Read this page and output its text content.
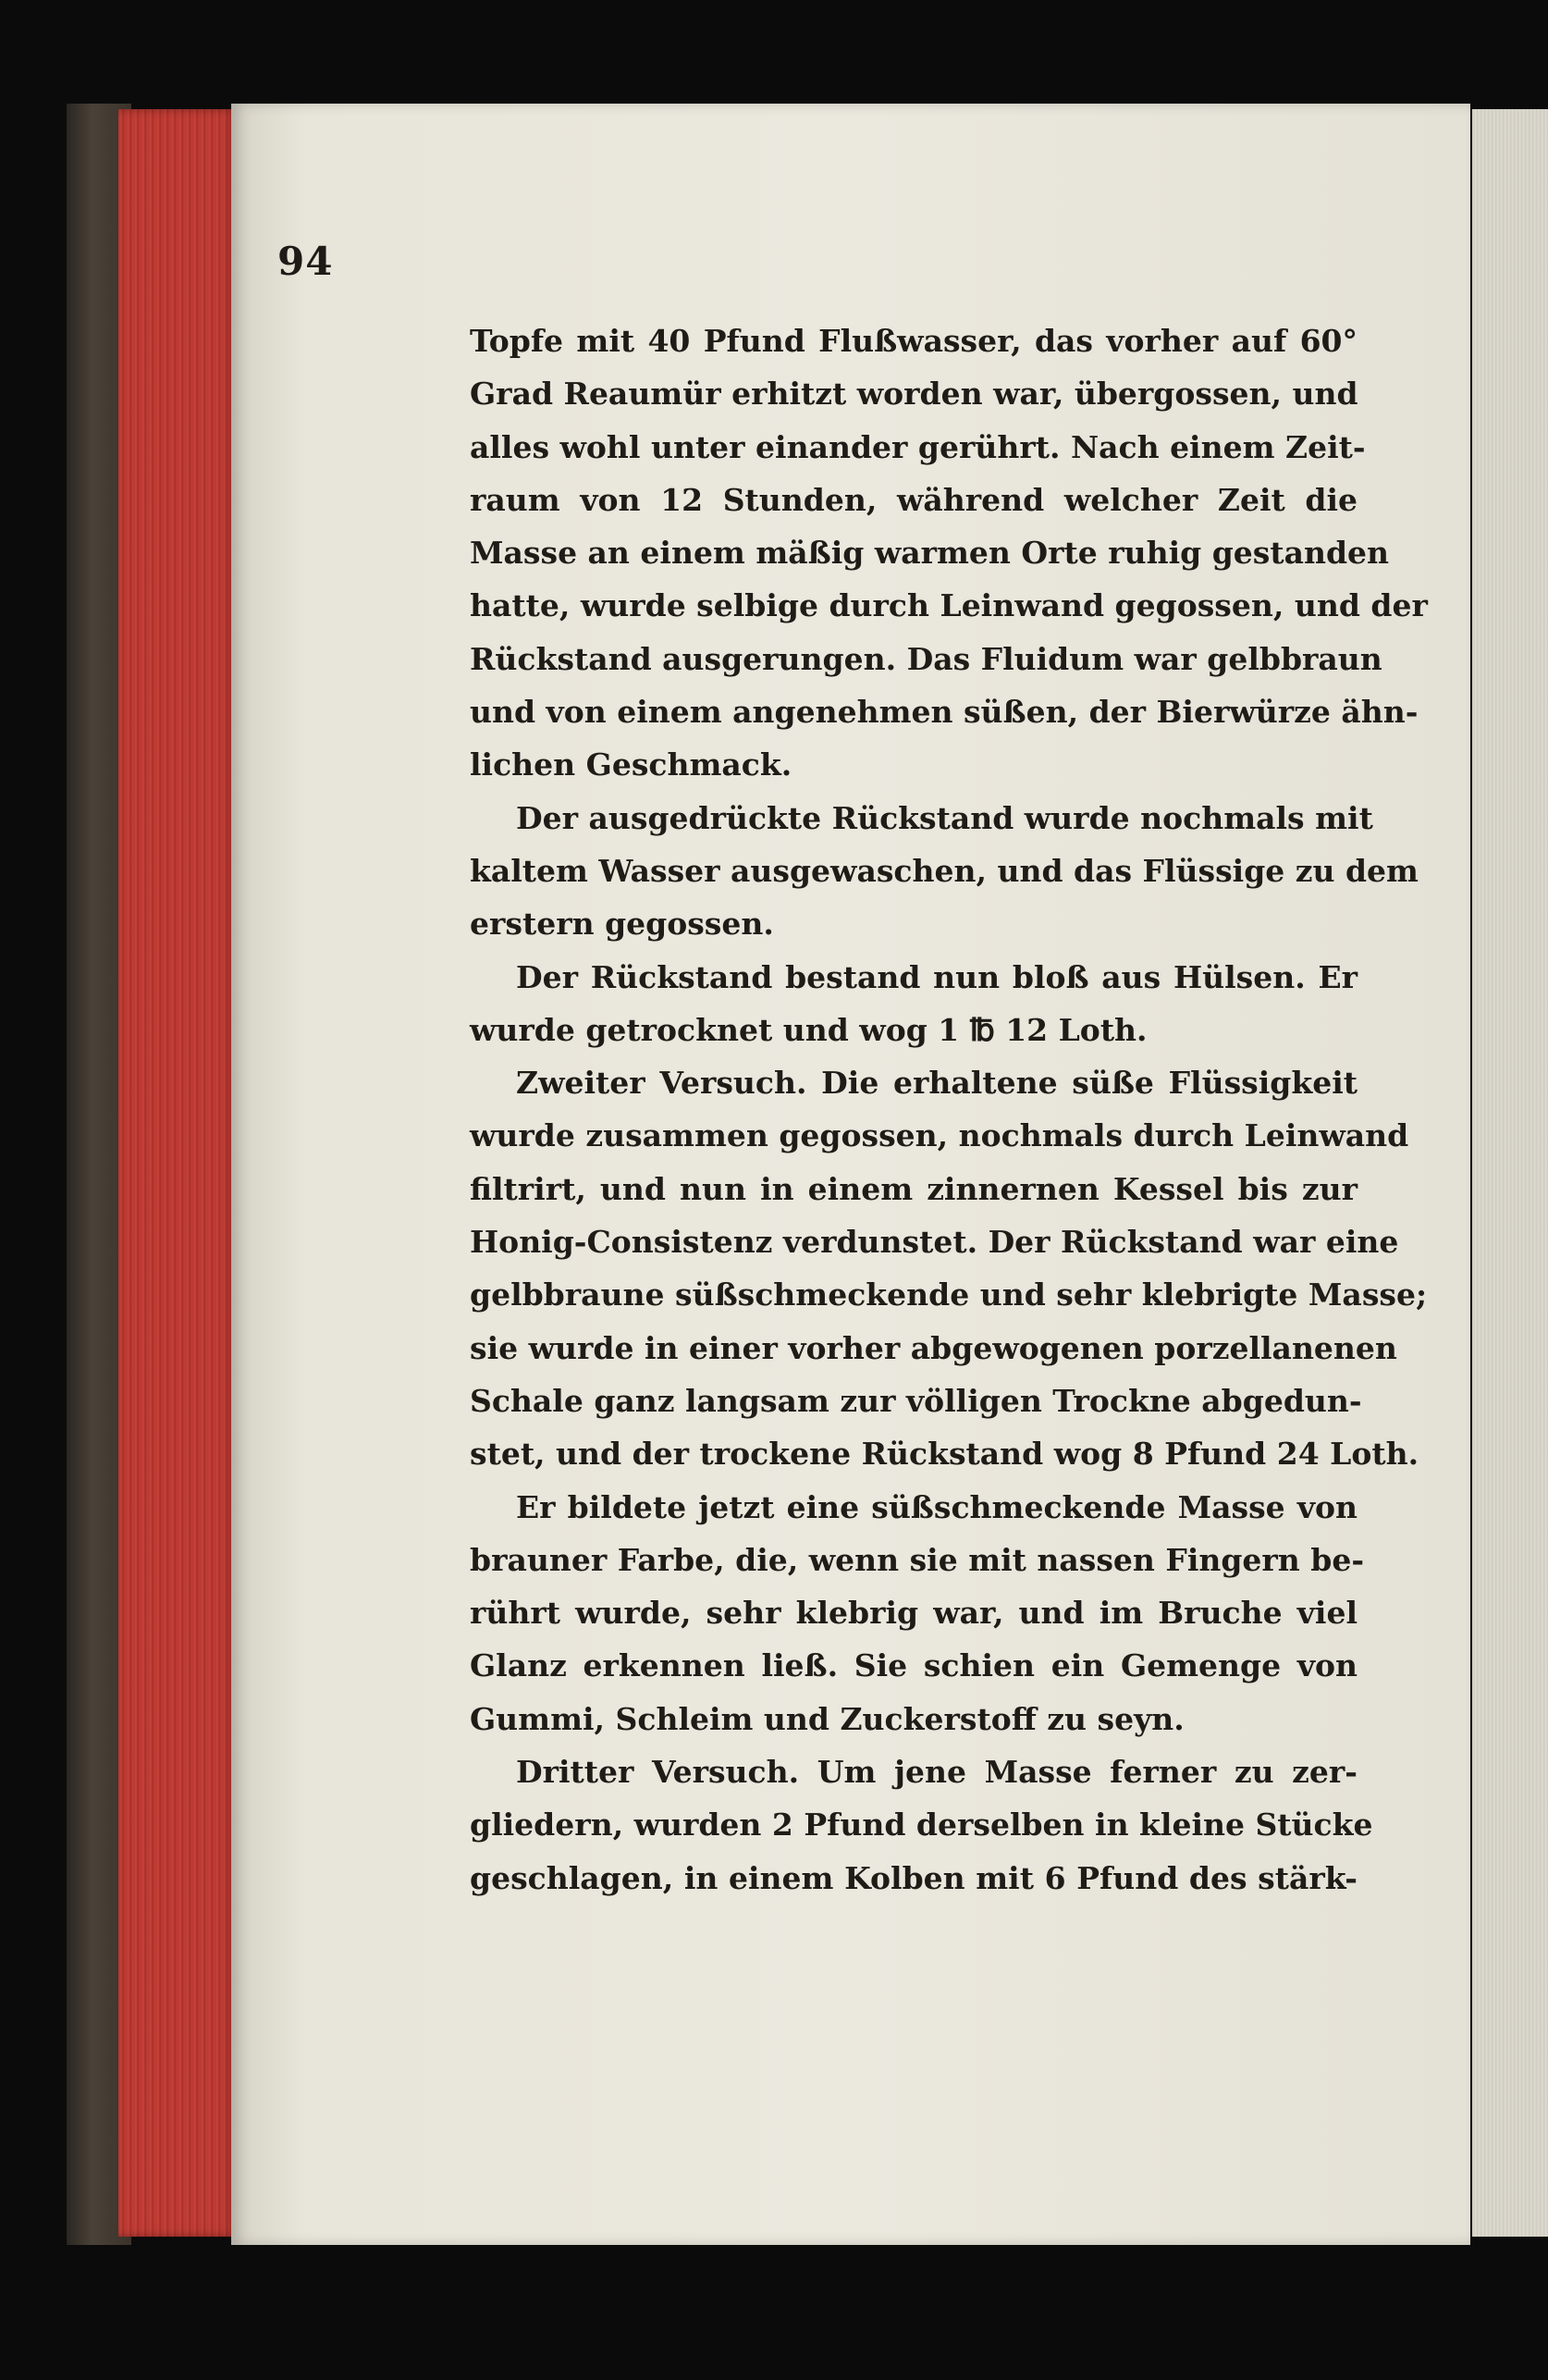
94
Topfe mit 40 Pfund Flußwasser, das vorher auf 60°
Grad Reaumür erhitzt worden war, übergossen, und
alles wohl unter einander gerührt. Nach einem Zeit-
raum von 12 Stunden, während welcher Zeit die
Masse an einem mäßig warmen Orte ruhig gestanden
hatte, wurde selbige durch Leinwand gegossen, und der
Rückstand ausgerungen. Das Fluidum war gelbbraun
und von einem angenehmen süßen, der Bierwürze ähn-
lichen Geschmack.
Der ausgedrückte Rückstand wurde nochmals mit
kaltem Wasser ausgewaschen, und das Flüssige zu dem
erstern gegossen.
Der Rückstand bestand nun bloß aus Hülsen. Er
wurde getrocknet und wog 1 ℔ 12 Loth.
Zweiter Versuch. Die erhaltene süße Flüssigkeit
wurde zusammen gegossen, nochmals durch Leinwand
filtrirt, und nun in einem zinnernen Kessel bis zur
Honig-Consistenz verdunstet. Der Rückstand war eine
gelbbraune süßschmeckende und sehr klebrigte Masse;
sie wurde in einer vorher abgewogenen porzellanenen
Schale ganz langsam zur völligen Trockne abgedun-
stet, und der trockene Rückstand wog 8 Pfund 24 Loth.
Er bildete jetzt eine süßschmeckende Masse von
brauner Farbe, die, wenn sie mit nassen Fingern be-
rührt wurde, sehr klebrig war, und im Bruche viel
Glanz erkennen ließ. Sie schien ein Gemenge von
Gummi, Schleim und Zuckerstoff zu seyn.
Dritter Versuch. Um jene Masse ferner zu zer-
gliedern, wurden 2 Pfund derselben in kleine Stücke
geschlagen, in einem Kolben mit 6 Pfund des stärk-
